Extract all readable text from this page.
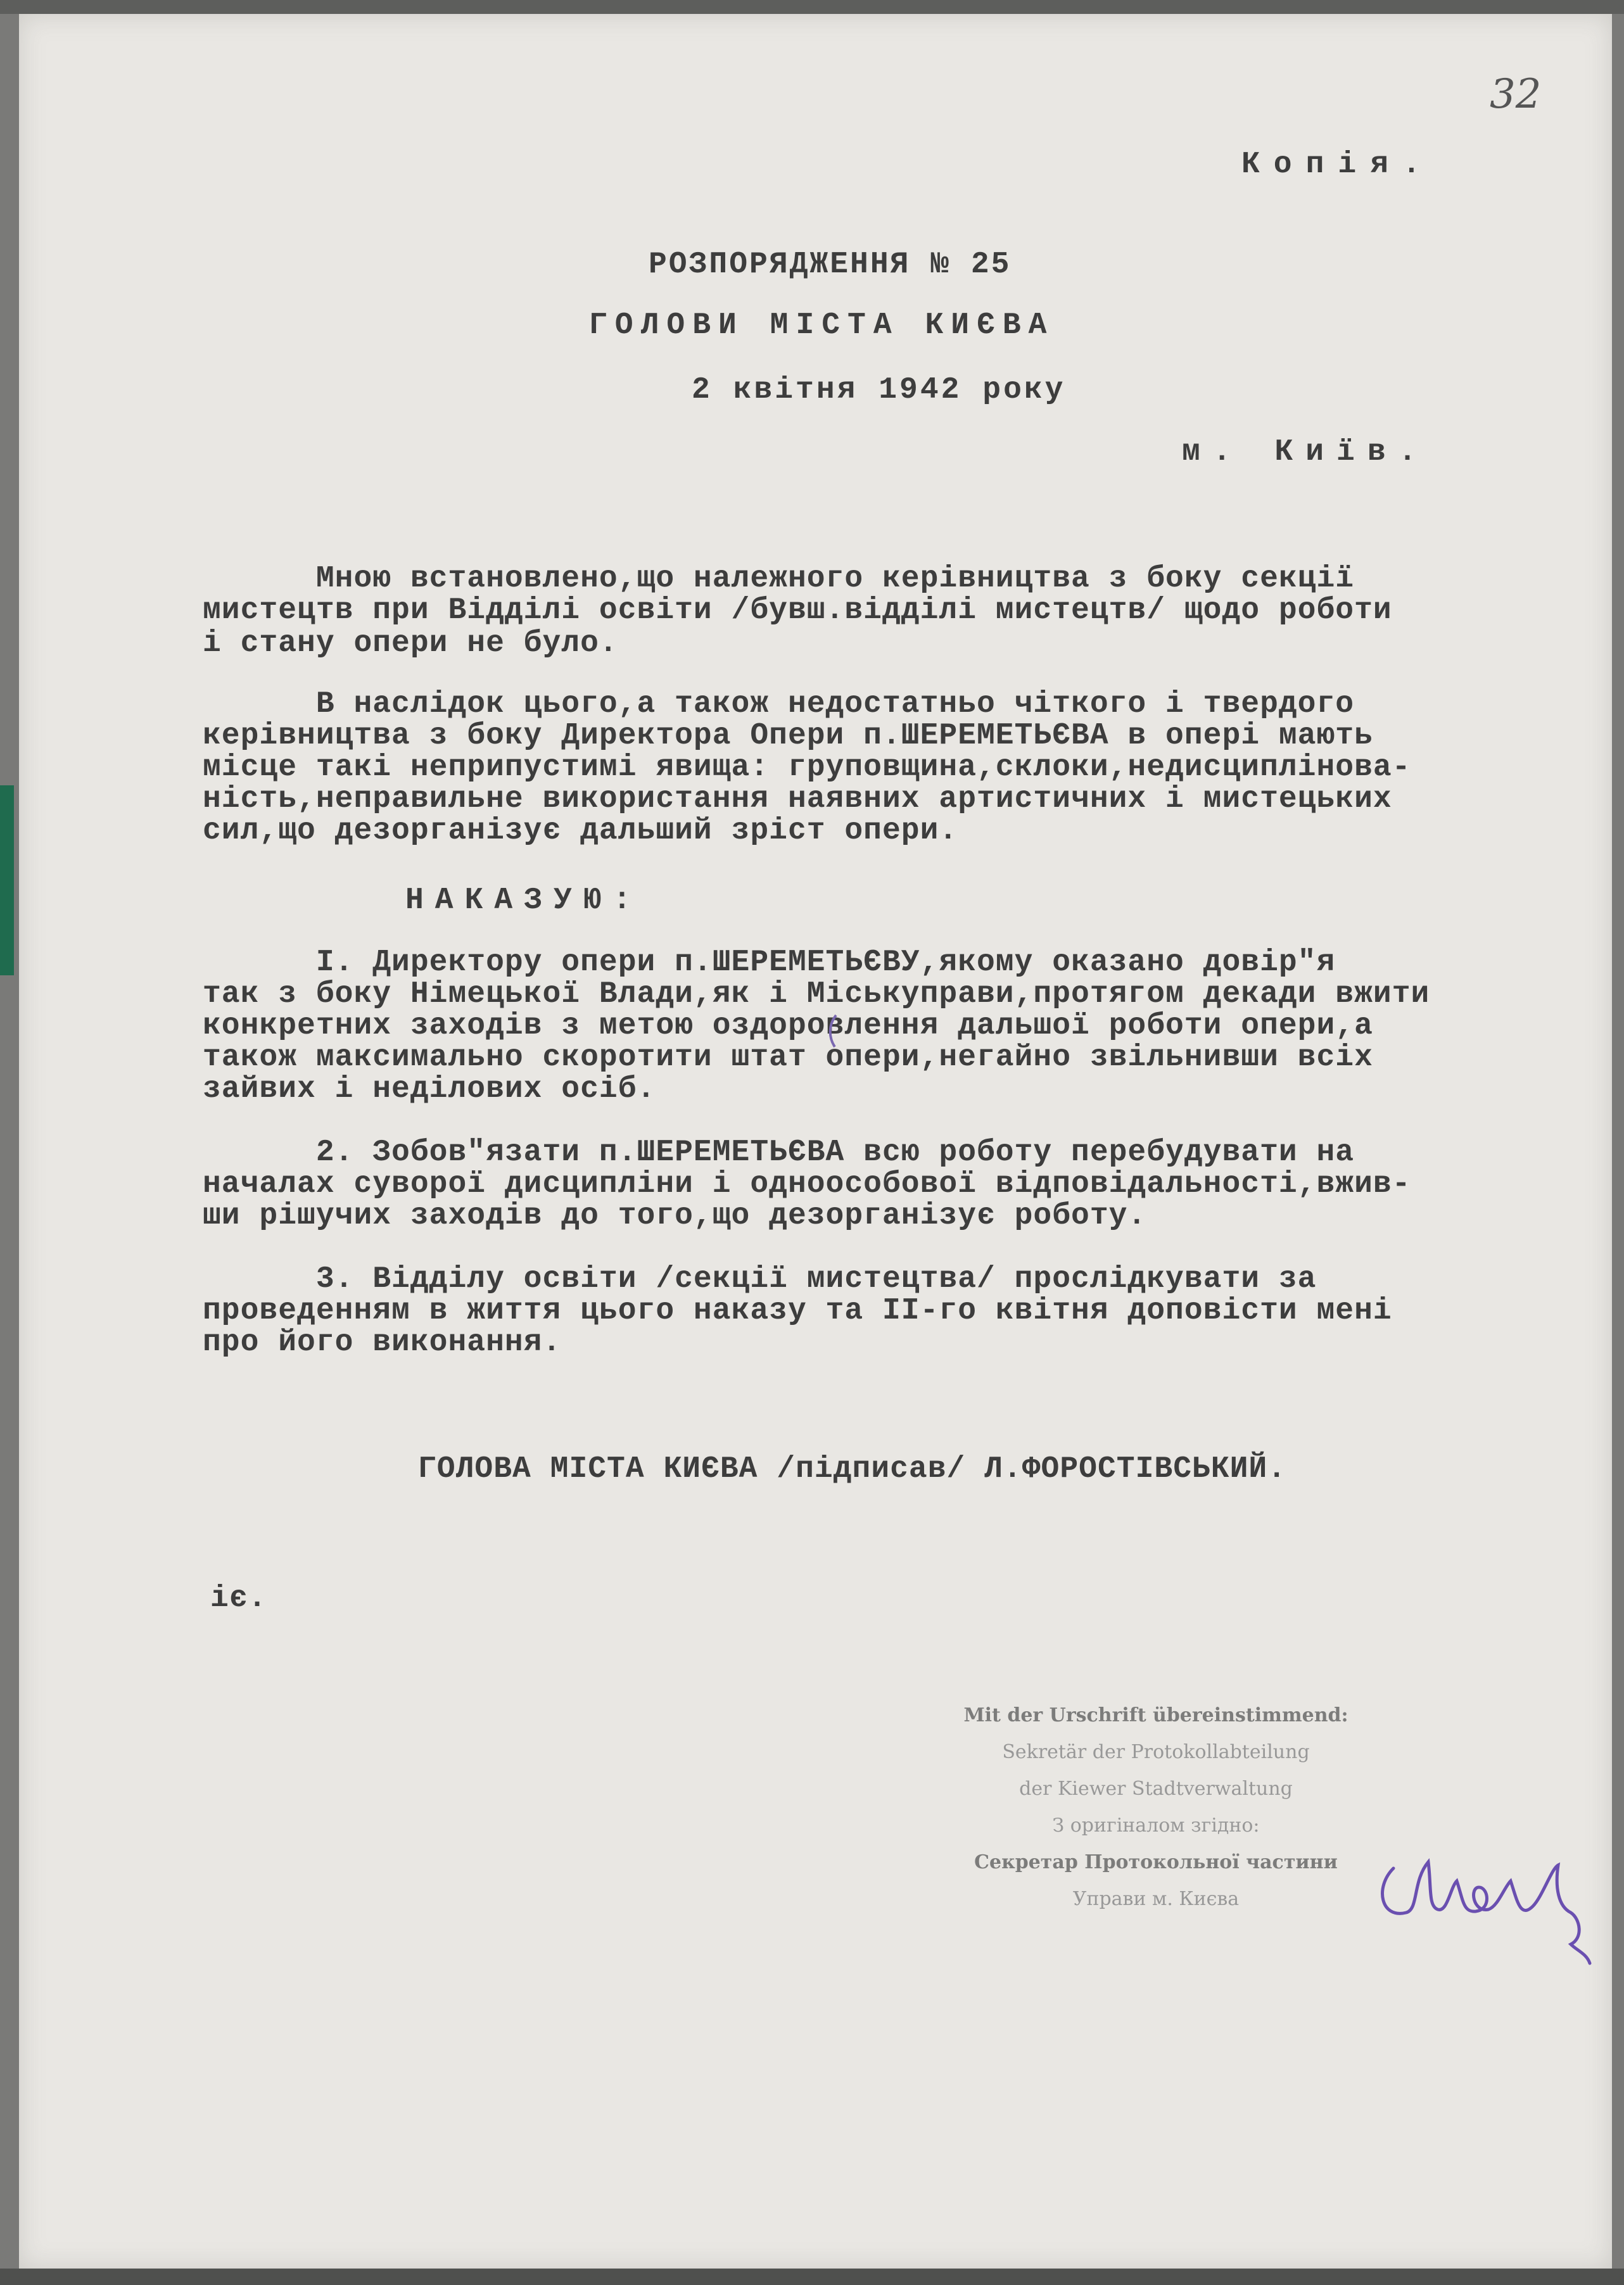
32
Копія.
РОЗПОРЯДЖЕННЯ № 25
ГОЛОВИ МІСТА КИЄВА
2 квітня 1942 року
м. Київ.
Мною встановлено,що належного керівництва з боку секції
мистецтв при Відділі освіти /бувш.відділі мистецтв/ щодо роботи
і стану опери не було.
В наслідок цього,а також недостатньо чіткого і твердого
керівництва з боку Директора Опери п.ШЕРЕМЕТЬЄВА в опері мають
місце такі неприпустимі явища: груповщина,склоки,недисциплінова-
ність,неправильне використання наявних артистичних і мистецьких
сил,що дезорганізує дальший зріст опери.
НАКАЗУЮ:
І. Директору опери п.ШЕРЕМЕТЬЄВУ,якому оказано довір"я
так з боку Німецької Влади,як і Міськуправи,протягом декади вжити
конкретних заходів з метою оздоровлення дальшої роботи опери,а
також максимально скоротити штат опери,негайно звільнивши всіх
зайвих і неділових осіб.
2. Зобов"язати п.ШЕРЕМЕТЬЄВА всю роботу перебудувати на
началах суворої дисципліни і одноособової відповідальності,вжив-
ши рішучих заходів до того,що дезорганізує роботу.
3. Відділу освіти /секції мистецтва/ прослідкувати за
проведенням в життя цього наказу та ІІ-го квітня доповісти мені
про його виконання.
ГОЛОВА МІСТА КИЄВА /підписав/ Л.ФОРОСТІВСЬКИЙ.
іє.
Mit der Urschrift übereinstimmend:
Sekretär der Protokollabteilung
der Kiewer Stadtverwaltung
З оригіналом згідно:
Секретар Протокольної частини
Управи м. Києва
